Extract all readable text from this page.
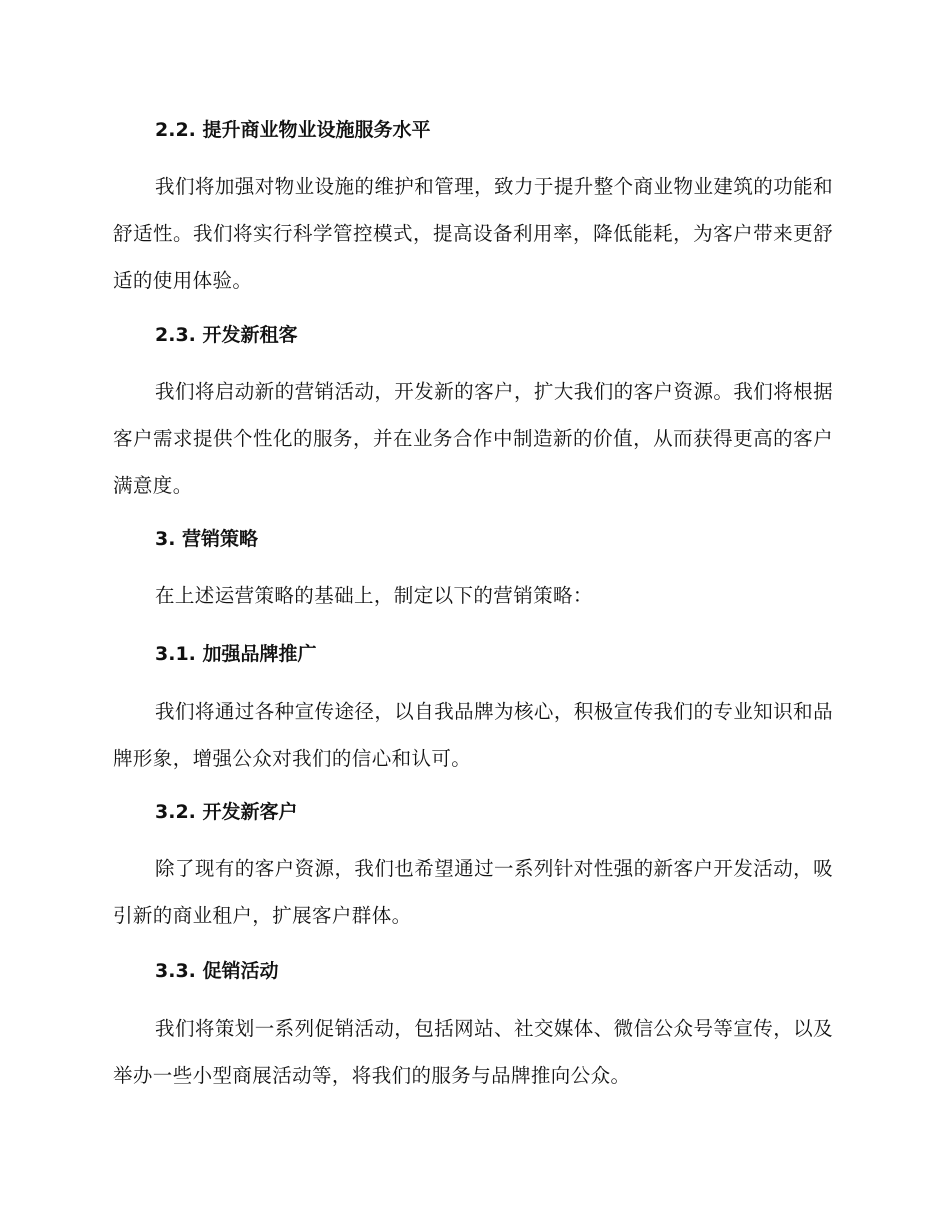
2.2. 提升商业物业设施服务水平
我们将加强对物业设施的维护和管理，致力于提升整个商业物业建筑的功能和舒适性。我们将实行科学管控模式，提高设备利用率，降低能耗，为客户带来更舒适的使用体验。
2.3. 开发新租客
我们将启动新的营销活动，开发新的客户，扩大我们的客户资源。我们将根据客户需求提供个性化的服务，并在业务合作中制造新的价值，从而获得更高的客户满意度。
3. 营销策略
在上述运营策略的基础上，制定以下的营销策略：
3.1. 加强品牌推广
我们将通过各种宣传途径，以自我品牌为核心，积极宣传我们的专业知识和品牌形象，增强公众对我们的信心和认可。
3.2. 开发新客户
除了现有的客户资源，我们也希望通过一系列针对性强的新客户开发活动，吸引新的商业租户，扩展客户群体。
3.3. 促销活动
我们将策划一系列促销活动，包括网站、社交媒体、微信公众号等宣传，以及举办一些小型商展活动等，将我们的服务与品牌推向公众。
